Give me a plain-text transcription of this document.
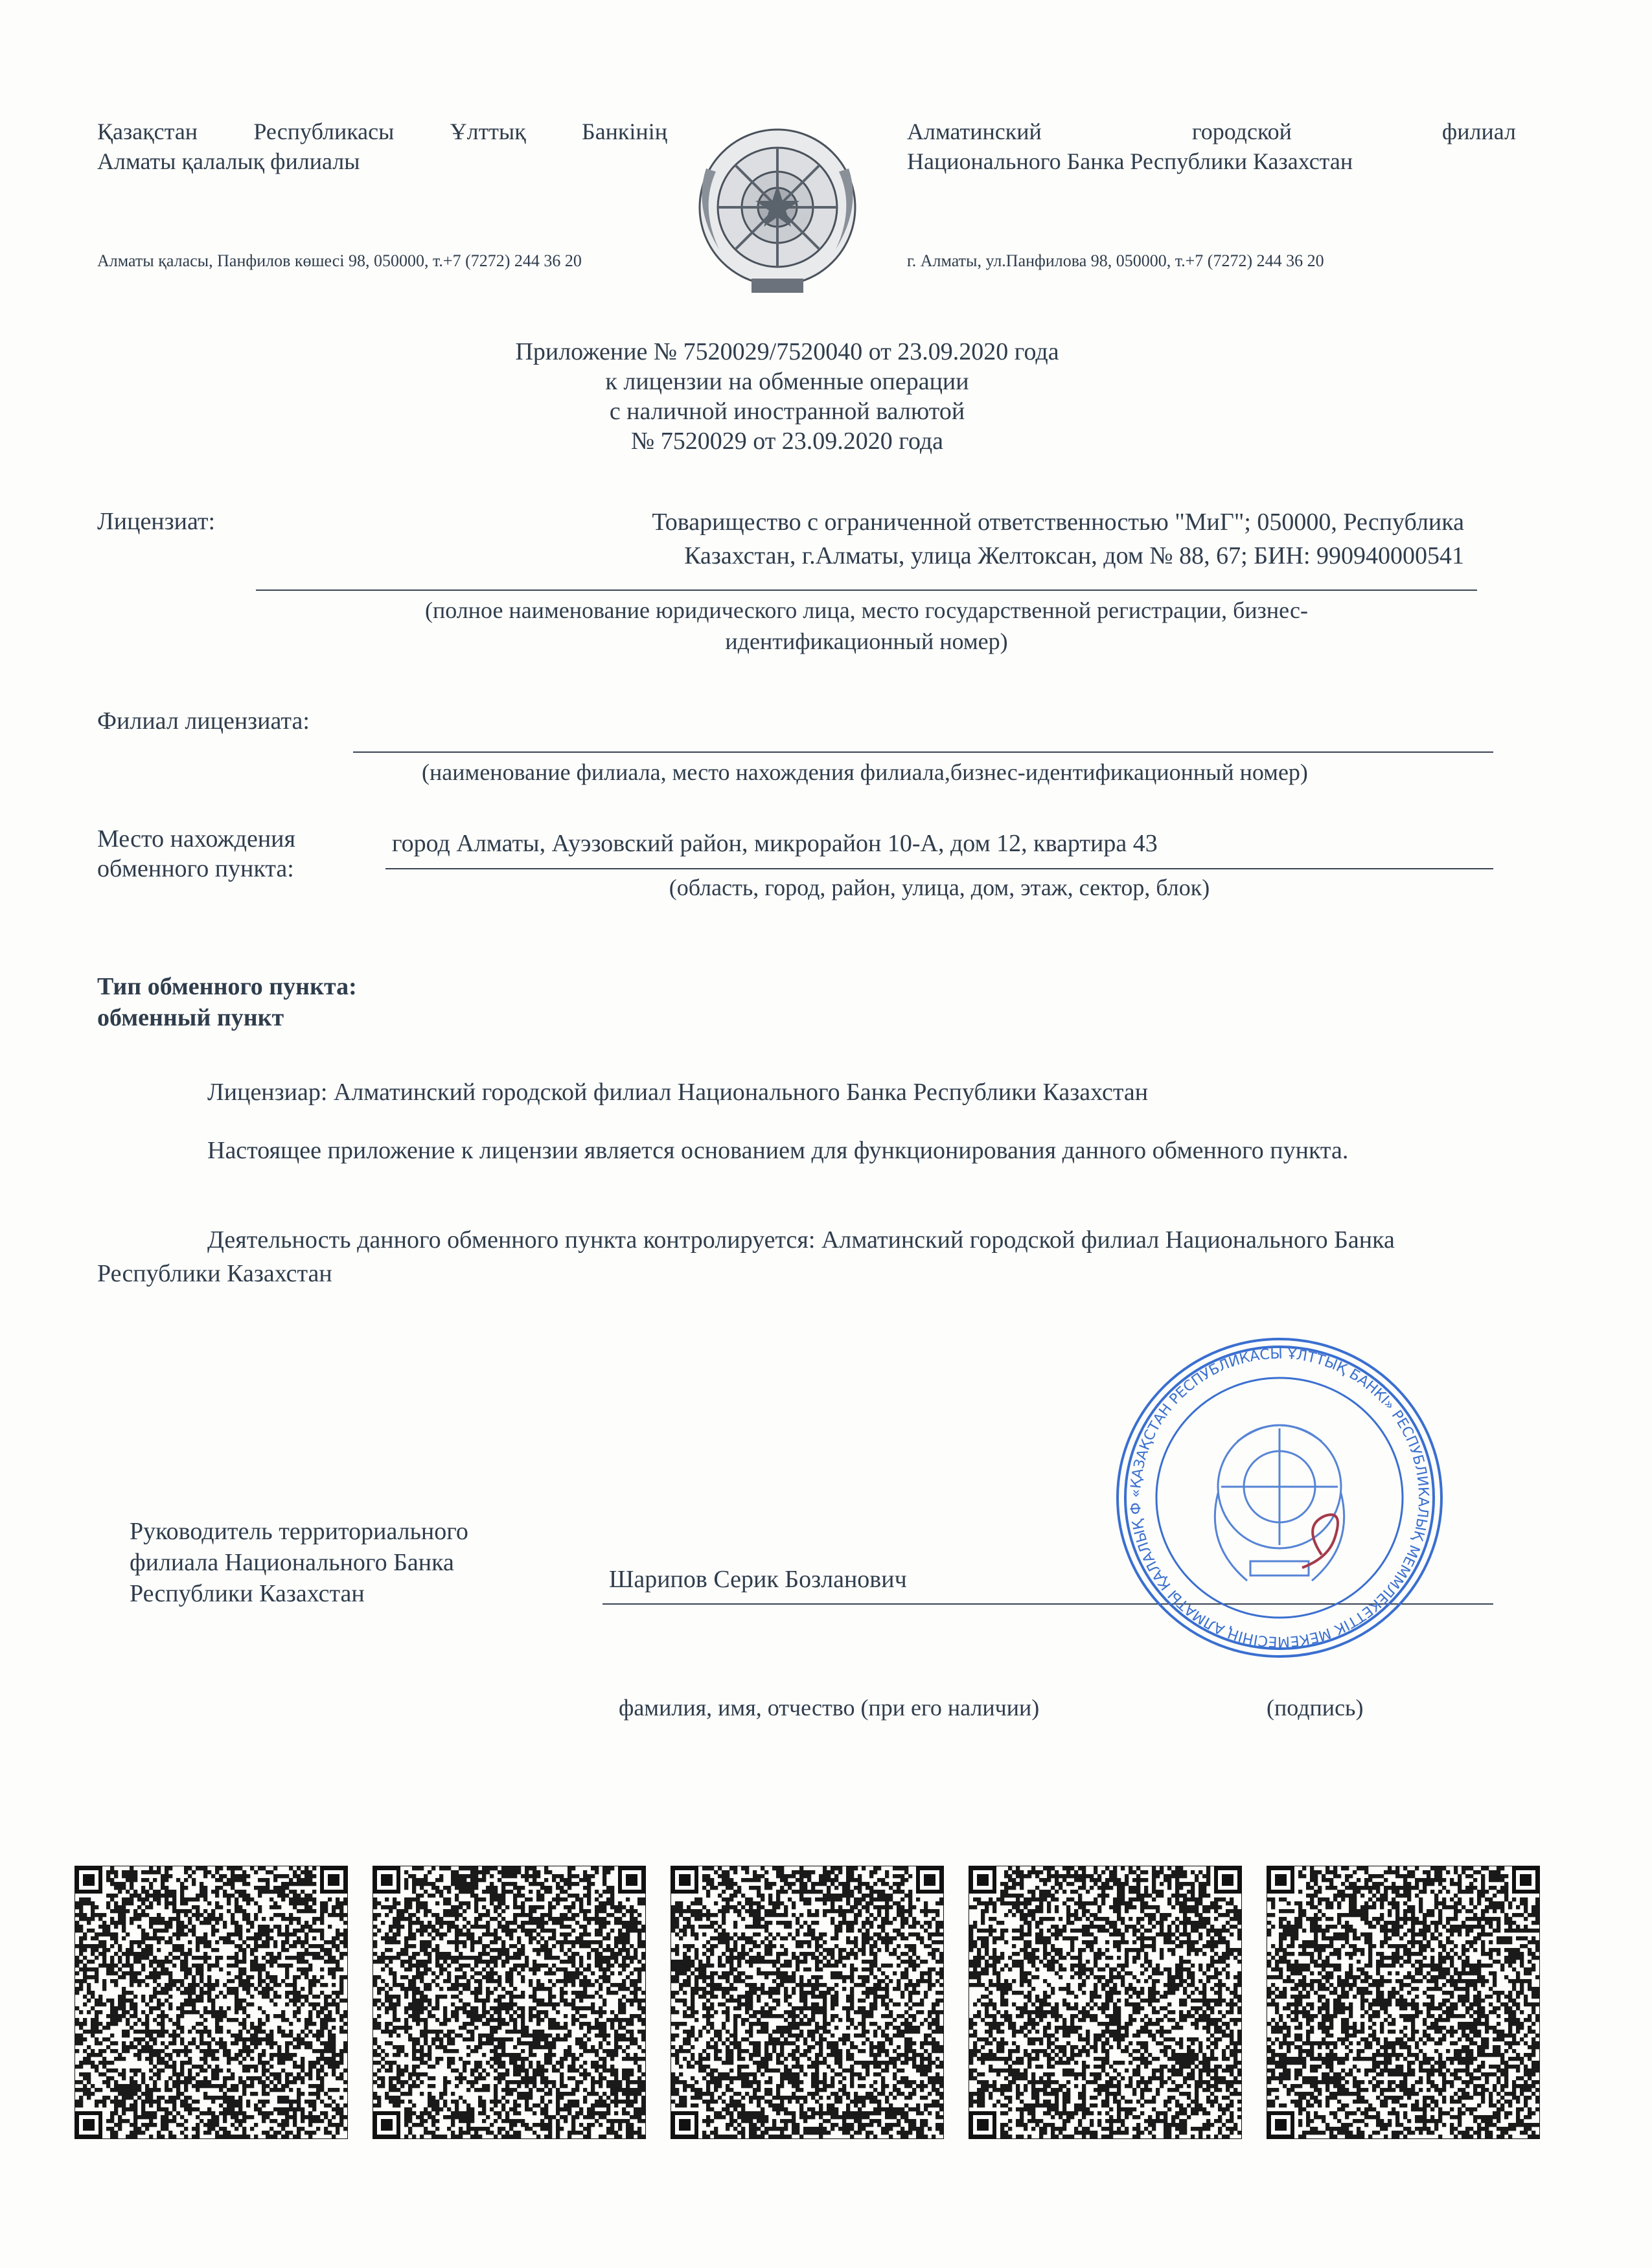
Қазақстан Республикасы Ұлттық Банкінің
Алматы қалалық филиалы
Алматы қаласы, Панфилов көшесі 98, 050000, т.+7 (7272) 244 36 20
Алматинский	городской	филиал
Национального Банка Республики Казахстан
г. Алматы, ул.Панфилова 98, 050000, т.+7 (7272) 244 36 20
Приложение № 7520029/7520040 от 23.09.2020 года
к лицензии на обменные операции
с наличной иностранной валютой
№ 7520029 от 23.09.2020 года
Лицензиат:	Товарищество с ограниченной ответственностью "МиГ"; 050000, Республика
Казахстан, г.Алматы, улица Желтоксан, дом № 88, 67; БИН: 990940000541
(полное наименование юридического лица, место государственной регистрации, бизнес-
идентификационный номер)
Филиал лицензиата:
(наименование филиала, место нахождения филиала,бизнес-идентификационный номер)
Место нахождения
обменного пункта:
город Алматы, Ауэзовский район, микрорайон 10-А, дом 12, квартира 43
(область, город, район, улица, дом, этаж, сектор, блок)
Тип обменного пункта:
обменный пункт
Лицензиар: Алматинский городской филиал Национального Банка Республики Казахстан
Настоящее приложение к лицензии является основанием для функционирования данного обменного пункта.
Деятельность данного обменного пункта контролируется: Алматинский городской филиал Национального Банка Республики Казахстан
Руководитель территориального
филиала Национального Банка
Республики Казахстан
Шарипов Серик Бозланович
фамилия, имя, отчество (при его наличии)	(подпись)
«ҚАЗАҚСТАН РЕСПУБЛИКАСЫ ҰЛТТЫҚ БАНКІ» РЕСПУБЛИКАЛЫҚ МЕММЛЕКЕТТІК МЕКЕМЕСІНІҢ АЛМАТЫ ҚАЛАЛЫҚ Ф
